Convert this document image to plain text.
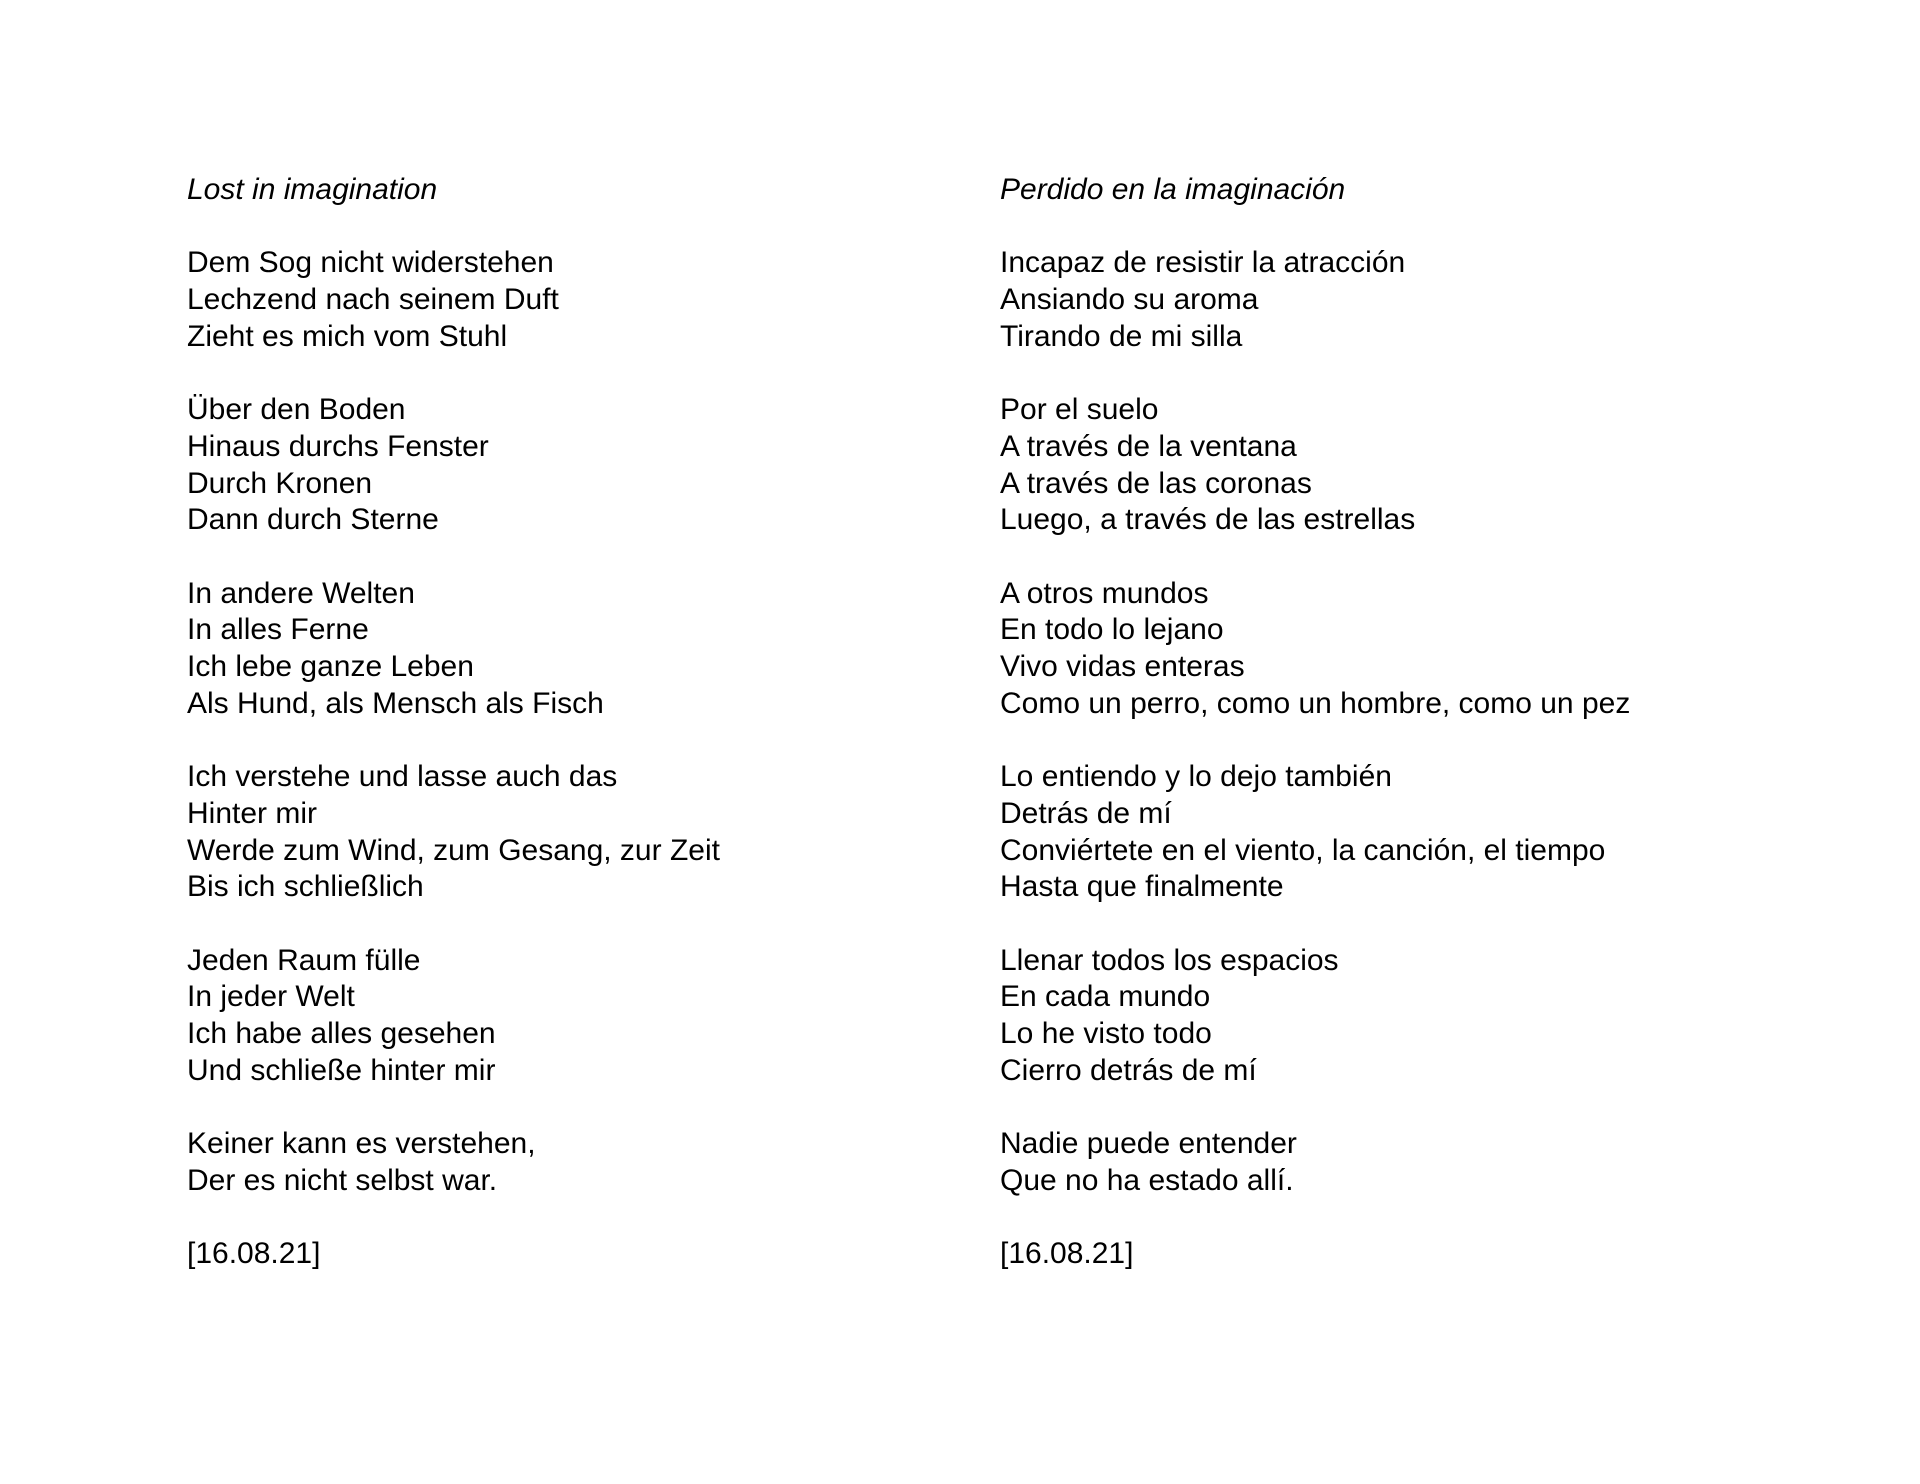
Lost in imagination
Dem Sog nicht widerstehen
Lechzend nach seinem Duft
Zieht es mich vom Stuhl
Über den Boden
Hinaus durchs Fenster
Durch Kronen
Dann durch Sterne
In andere Welten
In alles Ferne
Ich lebe ganze Leben
Als Hund, als Mensch als Fisch
Ich verstehe und lasse auch das
Hinter mir
Werde zum Wind, zum Gesang, zur Zeit
Bis ich schließlich
Jeden Raum fülle
In jeder Welt
Ich habe alles gesehen
Und schließe hinter mir
Keiner kann es verstehen,
Der es nicht selbst war.
[16.08.21]
Perdido en la imaginación
Incapaz de resistir la atracción
Ansiando su aroma
Tirando de mi silla
Por el suelo
A través de la ventana
A través de las coronas
Luego, a través de las estrellas
A otros mundos
En todo lo lejano
Vivo vidas enteras
Como un perro, como un hombre, como un pez
Lo entiendo y lo dejo también
Detrás de mí
Conviértete en el viento, la canción, el tiempo
Hasta que finalmente
Llenar todos los espacios
En cada mundo
Lo he visto todo
Cierro detrás de mí
Nadie puede entender
Que no ha estado allí.
[16.08.21]
